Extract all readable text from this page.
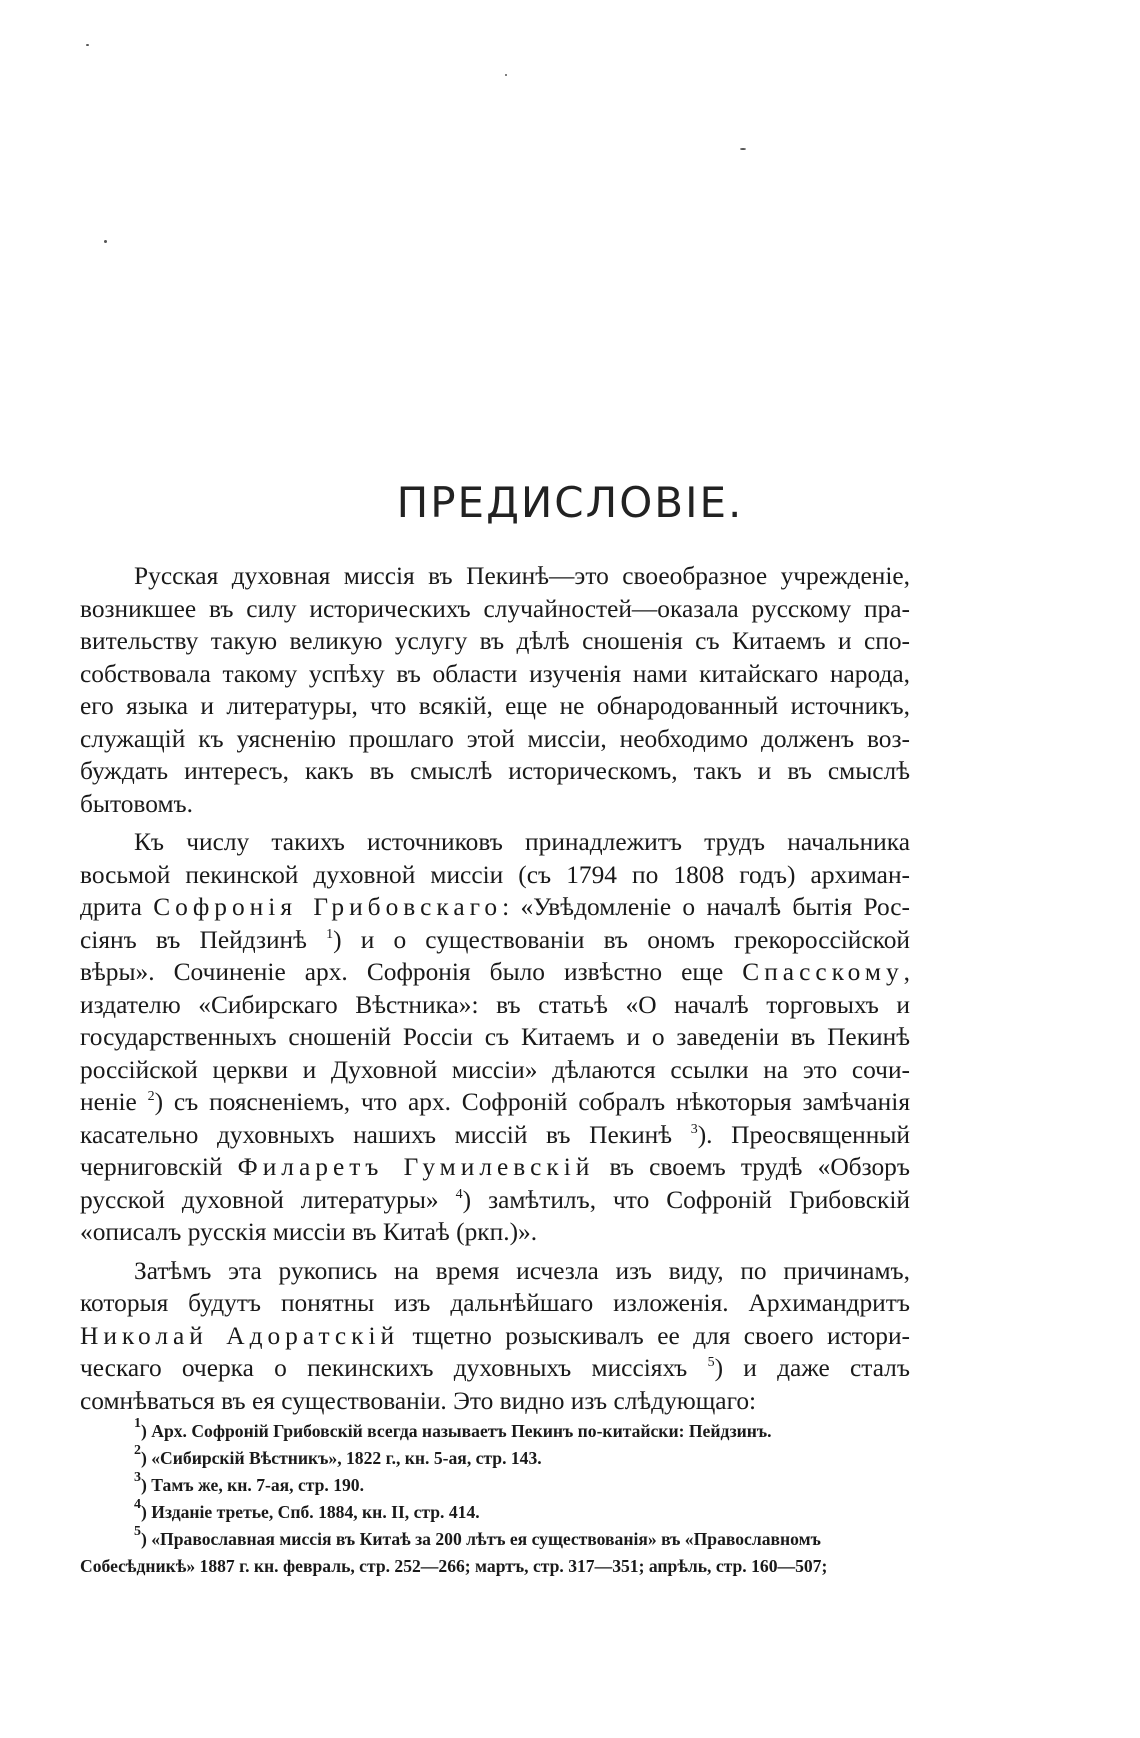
ПРЕДИСЛОВІЕ.
Русская духовная миссія въ Пекинѣ—это своеобразное учрежденіе,
возникшее въ силу историческихъ случайностей—оказала русскому пра-
вительству такую великую услугу въ дѣлѣ сношенія съ Китаемъ и спо-
собствовала такому успѣху въ области изученія нами китайскаго народа,
его языка и литературы, что всякій, еще не обнародованный источникъ,
служащій къ уясненію прошлаго этой миссіи, необходимо долженъ воз-
буждать интересъ, какъ въ смыслѣ историческомъ, такъ и въ смыслѣ
бытовомъ.
Къ числу такихъ источниковъ принадлежитъ трудъ начальника
восьмой пекинской духовной миссіи (съ 1794 по 1808 годъ) архиман-
дрита Софронія Грибовскаго: «Увѣдомленіе о началѣ бытія Рос-
сіянъ въ Пейдзинѣ $^1$) и о существованіи въ ономъ грекороссійской
вѣры». Сочиненіе арх. Софронія было извѣстно еще Спасскому,
издателю «Сибирскаго Вѣстника»: въ статьѣ «О началѣ торговыхъ и
государственныхъ сношеній Россіи съ Китаемъ и о заведеніи въ Пекинѣ
россійской церкви и Духовной миссіи» дѣлаются ссылки на это сочи-
неніе $^2$) съ поясненіемъ, что арх. Софроній собралъ нѣкоторыя замѣчанія
касательно духовныхъ нашихъ миссій въ Пекинѣ $^3$). Преосвященный
черниговскій Филаретъ Гумилевскій въ своемъ трудѣ «Обзоръ
русской духовной литературы» $^4$) замѣтилъ, что Софроній Грибовскій
«описалъ русскія миссіи въ Китаѣ (ркп.)».
Затѣмъ эта рукопись на время исчезла изъ виду, по причинамъ,
которыя будутъ понятны изъ дальнѣйшаго изложенія. Архимандритъ
Николай Адоратскій тщетно розыскивалъ ее для своего истори-
ческаго очерка о пекинскихъ духовныхъ миссіяхъ $^5$) и даже сталъ
сомнѣваться въ ея существованіи. Это видно изъ слѣдующаго:
$^1$) Арх. Софроній Грибовскій всегда называетъ Пекинъ по-китайски: Пейдзинъ.
$^2$) «Сибирскій Вѣстникъ», 1822 г., кн. 5-ая, стр. 143.
$^3$) Тамъ же, кн. 7-ая, стр. 190.
$^4$) Изданіе третье, Спб. 1884, кн. II, стр. 414.
$^5$) «Православная миссія въ Китаѣ за 200 лѣтъ ея существованія» въ «Православномъ
Собесѣдникѣ» 1887 г. кн. февраль, стр. 252—266; мартъ, стр. 317—351; апрѣль, стр. 160—507;
